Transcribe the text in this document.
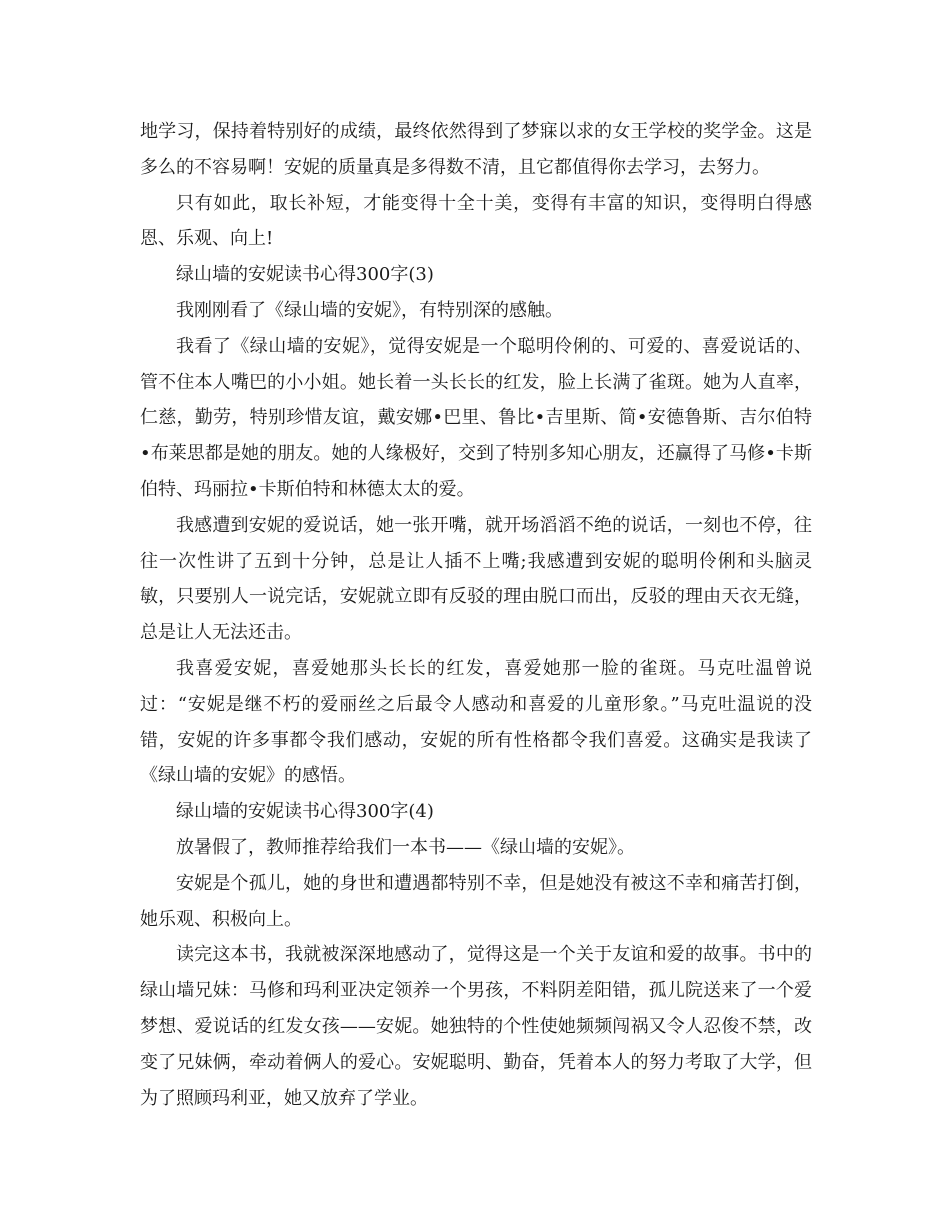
地学习，保持着特别好的成绩，最终依然得到了梦寐以求的女王学校的奖学金。这是多么的不容易啊！安妮的质量真是多得数不清，且它都值得你去学习，去努力。

只有如此，取长补短，才能变得十全十美，变得有丰富的知识，变得明白得感恩、乐观、向上!

绿山墙的安妮读书心得300字(3)

我刚刚看了《绿山墙的安妮》，有特别深的感触。

我看了《绿山墙的安妮》，觉得安妮是一个聪明伶俐的、可爱的、喜爱说话的、管不住本人嘴巴的小小姐。她长着一头长长的红发，脸上长满了雀斑。她为人直率，仁慈，勤劳，特别珍惜友谊，戴安娜•巴里、鲁比•吉里斯、简•安德鲁斯、吉尔伯特•布莱思都是她的朋友。她的人缘极好，交到了特别多知心朋友，还赢得了马修•卡斯伯特、玛丽拉•卡斯伯特和林德太太的爱。

我感遭到安妮的爱说话，她一张开嘴，就开场滔滔不绝的说话，一刻也不停，往往一次性讲了五到十分钟，总是让人插不上嘴;我感遭到安妮的聪明伶俐和头脑灵敏，只要别人一说完话，安妮就立即有反驳的理由脱口而出，反驳的理由天衣无缝，总是让人无法还击。

我喜爱安妮，喜爱她那头长长的红发，喜爱她那一脸的雀斑。马克吐温曾说过：“安妮是继不朽的爱丽丝之后最令人感动和喜爱的儿童形象。”马克吐温说的没错，安妮的许多事都令我们感动，安妮的所有性格都令我们喜爱。这确实是我读了《绿山墙的安妮》的感悟。

绿山墙的安妮读书心得300字(4)

放暑假了，教师推荐给我们一本书——《绿山墙的安妮》。

安妮是个孤儿，她的身世和遭遇都特别不幸，但是她没有被这不幸和痛苦打倒，她乐观、积极向上。

读完这本书，我就被深深地感动了，觉得这是一个关于友谊和爱的故事。书中的绿山墙兄妹：马修和玛利亚决定领养一个男孩，不料阴差阳错，孤儿院送来了一个爱梦想、爱说话的红发女孩——安妮。她独特的个性使她频频闯祸又令人忍俊不禁，改变了兄妹俩，牵动着俩人的爱心。安妮聪明、勤奋，凭着本人的努力考取了大学，但为了照顾玛利亚，她又放弃了学业。
